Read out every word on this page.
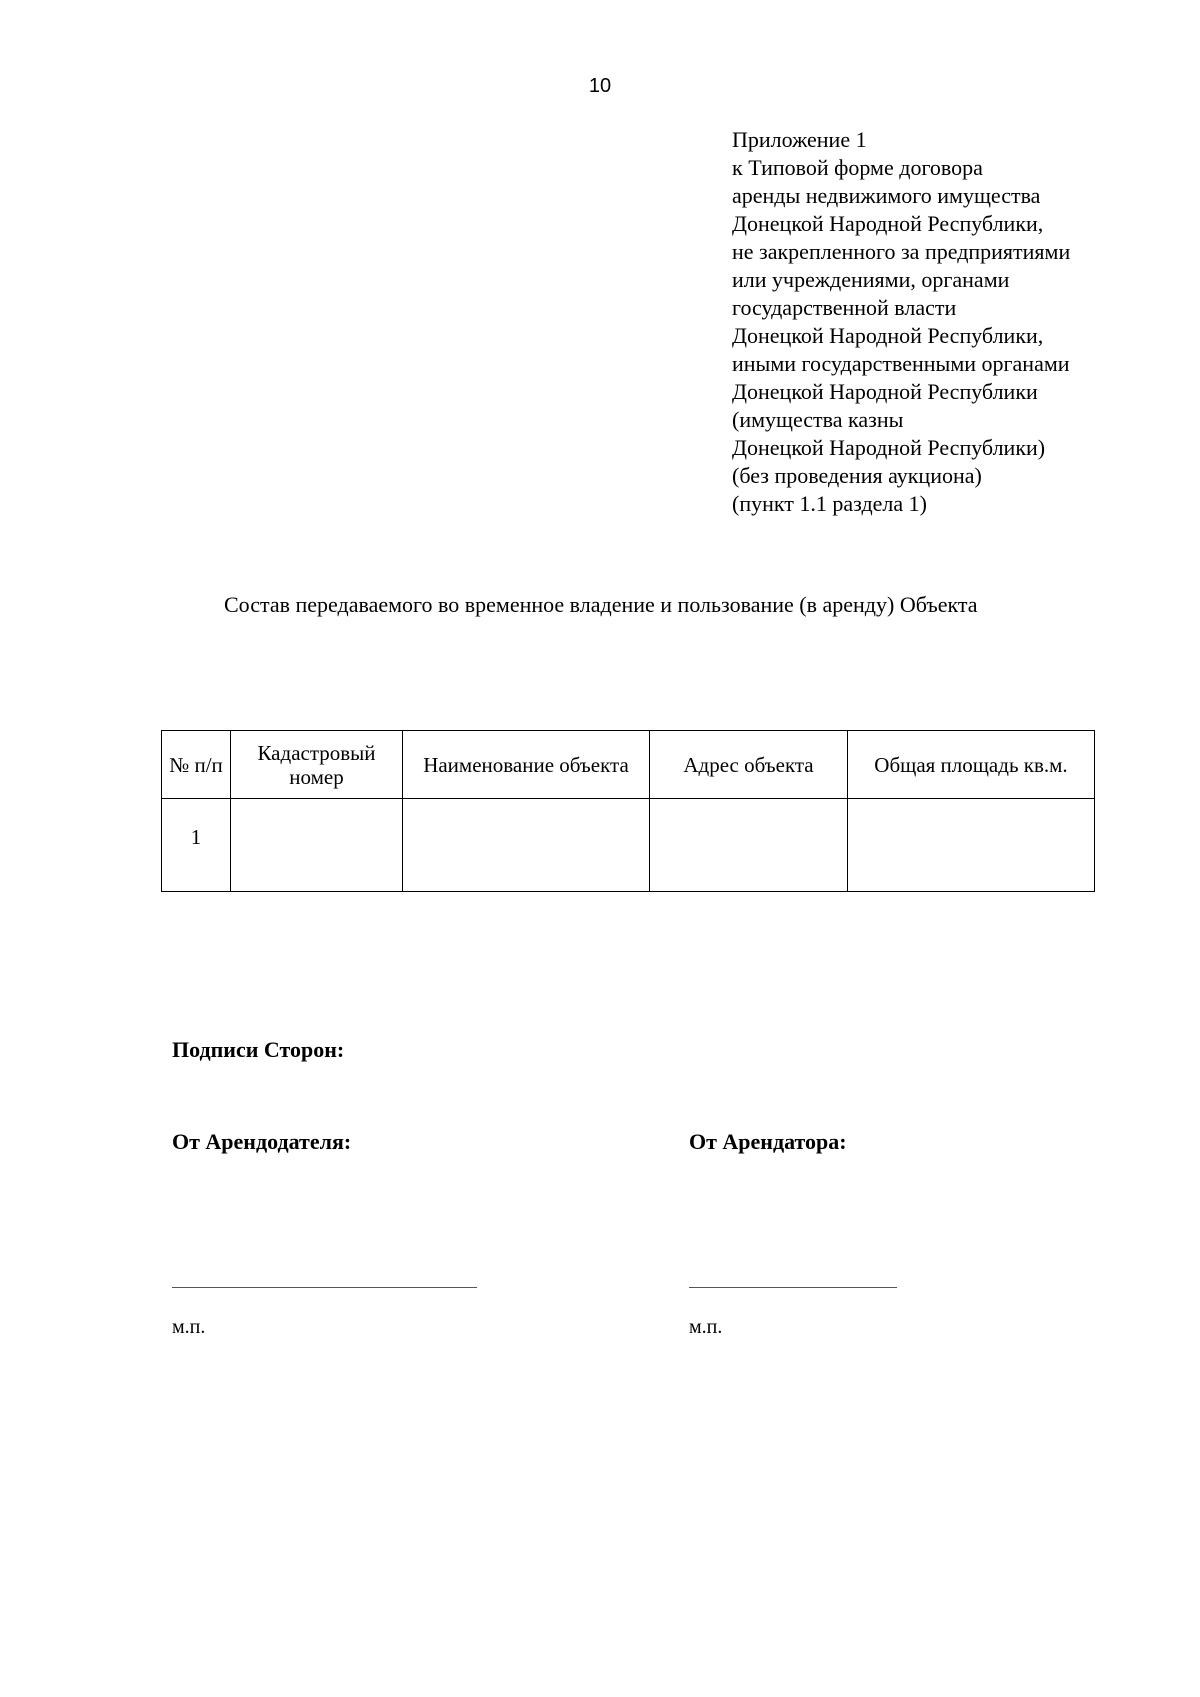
10
Приложение 1
к Типовой форме договора
аренды недвижимого имущества
Донецкой Народной Республики,
не закрепленного за предприятиями
или учреждениями, органами
государственной власти
Донецкой Народной Республики,
иными государственными органами
Донецкой Народной Республики
(имущества казны
Донецкой Народной Республики)
(без проведения аукциона)
(пункт 1.1 раздела 1)
Состав передаваемого во временное владение и пользование (в аренду) Объекта
№ п/п	Кадастровый номер	Наименование объекта	Адрес объекта	Общая площадь кв.м.
1				
Подписи Сторон:
От Арендодателя:	От Арендатора:
м.п.	м.п.
